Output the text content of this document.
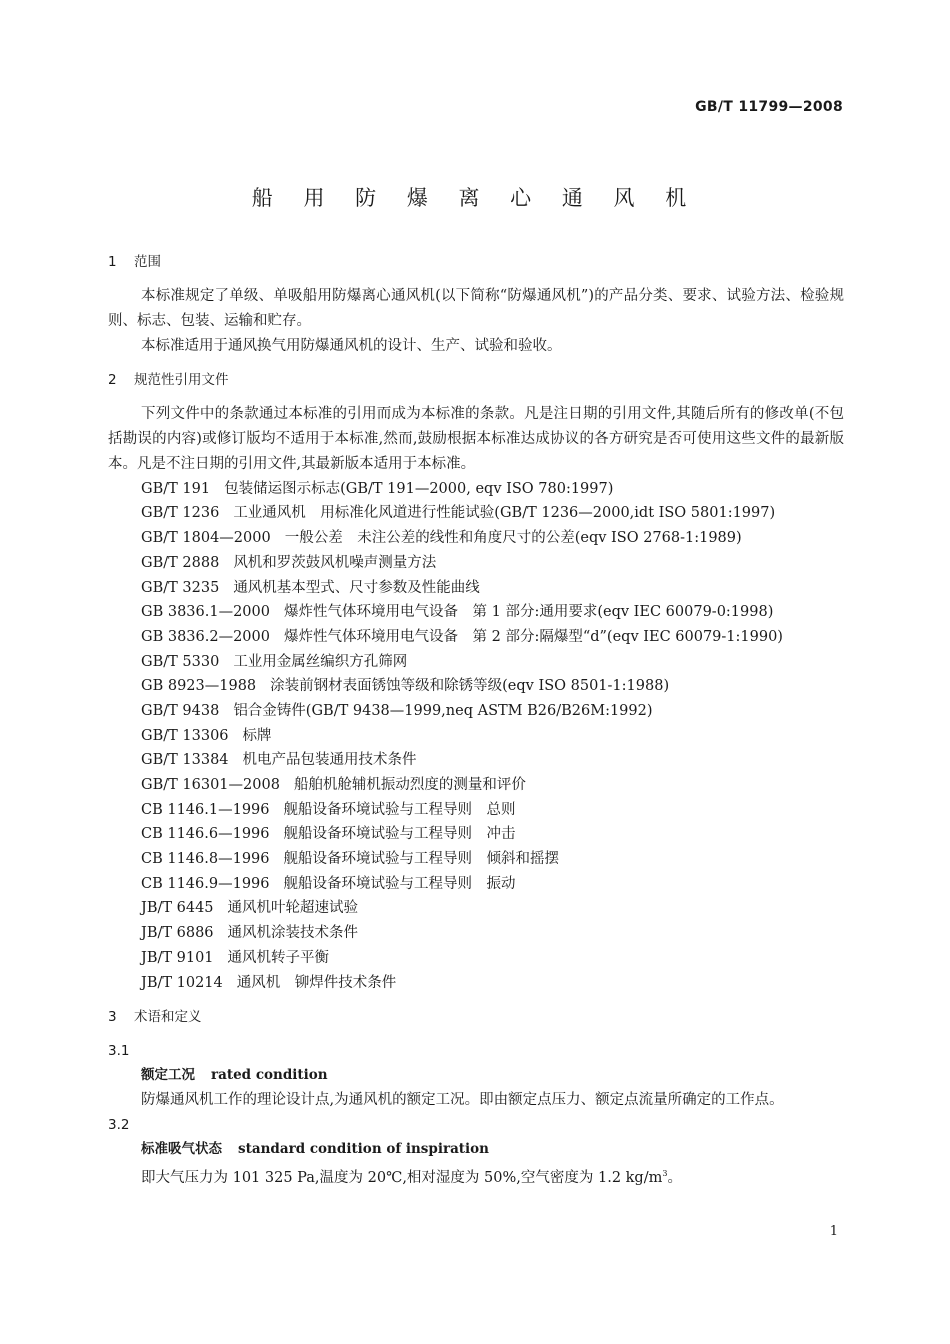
GB/T 11799—2008
船 用 防 爆 离 心 通 风 机

1 范围

本标准规定了单级、单吸船用防爆离心通风机(以下简称“防爆通风机”)的产品分类、要求、试验方法、检验规则、标志、包装、运输和贮存。

本标准适用于通风换气用防爆通风机的设计、生产、试验和验收。

2 规范性引用文件

下列文件中的条款通过本标准的引用而成为本标准的条款。凡是注日期的引用文件,其随后所有的修改单(不包括勘误的内容)或修订版均不适用于本标准,然而,鼓励根据本标准达成协议的各方研究是否可使用这些文件的最新版本。凡是不注日期的引用文件,其最新版本适用于本标准。

GB/T 191 包装储运图示标志(GB/T 191—2000, eqv ISO 780:1997)
GB/T 1236 工业通风机　用标准化风道进行性能试验(GB/T 1236—2000,idt ISO 5801:1997)
GB/T 1804—2000 一般公差　未注公差的线性和角度尺寸的公差(eqv ISO 2768-1:1989)
GB/T 2888 风机和罗茨鼓风机噪声测量方法
GB/T 3235 通风机基本型式、尺寸参数及性能曲线
GB 3836.1—2000 爆炸性气体环境用电气设备　第 1 部分:通用要求(eqv IEC 60079-0:1998)
GB 3836.2—2000 爆炸性气体环境用电气设备　第 2 部分:隔爆型“d”(eqv IEC 60079-1:1990)
GB/T 5330 工业用金属丝编织方孔筛网
GB 8923—1988 涂装前钢材表面锈蚀等级和除锈等级(eqv ISO 8501-1:1988)
GB/T 9438 铝合金铸件(GB/T 9438—1999,neq ASTM B26/B26M:1992)
GB/T 13306 标牌
GB/T 13384 机电产品包装通用技术条件
GB/T 16301—2008 船舶机舱辅机振动烈度的测量和评价
CB 1146.1—1996 舰船设备环境试验与工程导则　总则
CB 1146.6—1996 舰船设备环境试验与工程导则　冲击
CB 1146.8—1996 舰船设备环境试验与工程导则　倾斜和摇摆
CB 1146.9—1996 舰船设备环境试验与工程导则　振动
JB/T 6445 通风机叶轮超速试验
JB/T 6886 通风机涂装技术条件
JB/T 9101 通风机转子平衡
JB/T 10214 通风机　铆焊件技术条件

3 术语和定义

3.1

额定工况 rated condition

防爆通风机工作的理论设计点,为通风机的额定工况。即由额定点压力、额定点流量所确定的工作点。

3.2

标准吸气状态 standard condition of inspiration

即大气压力为 101 325 Pa,温度为 20℃,相对湿度为 50%,空气密度为 1.2 $kg/m^3$。

1
